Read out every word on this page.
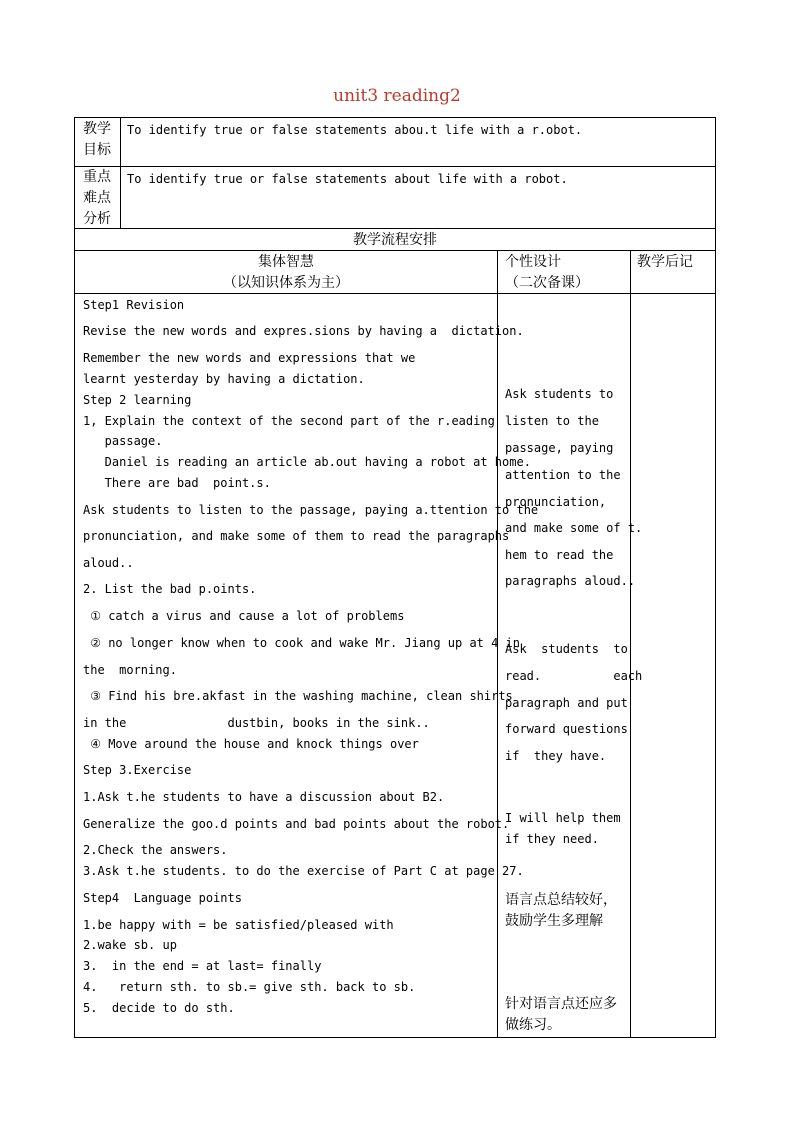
unit3 reading2
教学
目标
To identify true or false statements abou.t life with a r.obot.
重点
难点
分析
To identify true or false statements about life with a robot.
教学流程安排
集体智慧
（以知识体系为主）
个性设计
（二次备课）
教学后记

Step1 Revision

Revise the new words and expres.sions by having a  dictation.

Remember the new words and expressions that we

learnt yesterday by having a dictation.

Step 2 learning

1, Explain the context of the second part of the r.eading

passage.

Daniel is reading an article ab.out having a robot at home.

There are bad  point.s.

Ask students to listen to the passage, paying a.ttention to the

pronunciation, and make some of them to read the paragraphs

aloud..

2. List the bad p.oints.

① catch a virus and cause a lot of problems

② no longer know when to cook and wake Mr. Jiang up at 4 in

the  morning.

③ Find his bre.akfast in the washing machine, clean shirts

in the              dustbin, books in the sink..

④ Move around the house and knock things over

Step 3.Exercise

1.Ask t.he students to have a discussion about B2.

Generalize the goo.d points and bad points about the robot.

2.Check the answers.

3.Ask t.he students. to do the exercise of Part C at page 27.

Step4  Language points

1.be happy with = be satisfied/pleased with

2.wake sb. up

3.  in the end = at last= finally

4.   return sth. to sb.= give sth. back to sb.

5.  decide to do sth.

Ask students to

listen to the

passage, paying

attention to the

pronunciation,

and make some of t.

hem to read the

paragraphs aloud..

Ask  students  to

read.          each

paragraph and put

forward questions

if  they have.

I will help them

if they need.

语言点总结较好，
鼓励学生多理解
针对语言点还应多
做练习。
